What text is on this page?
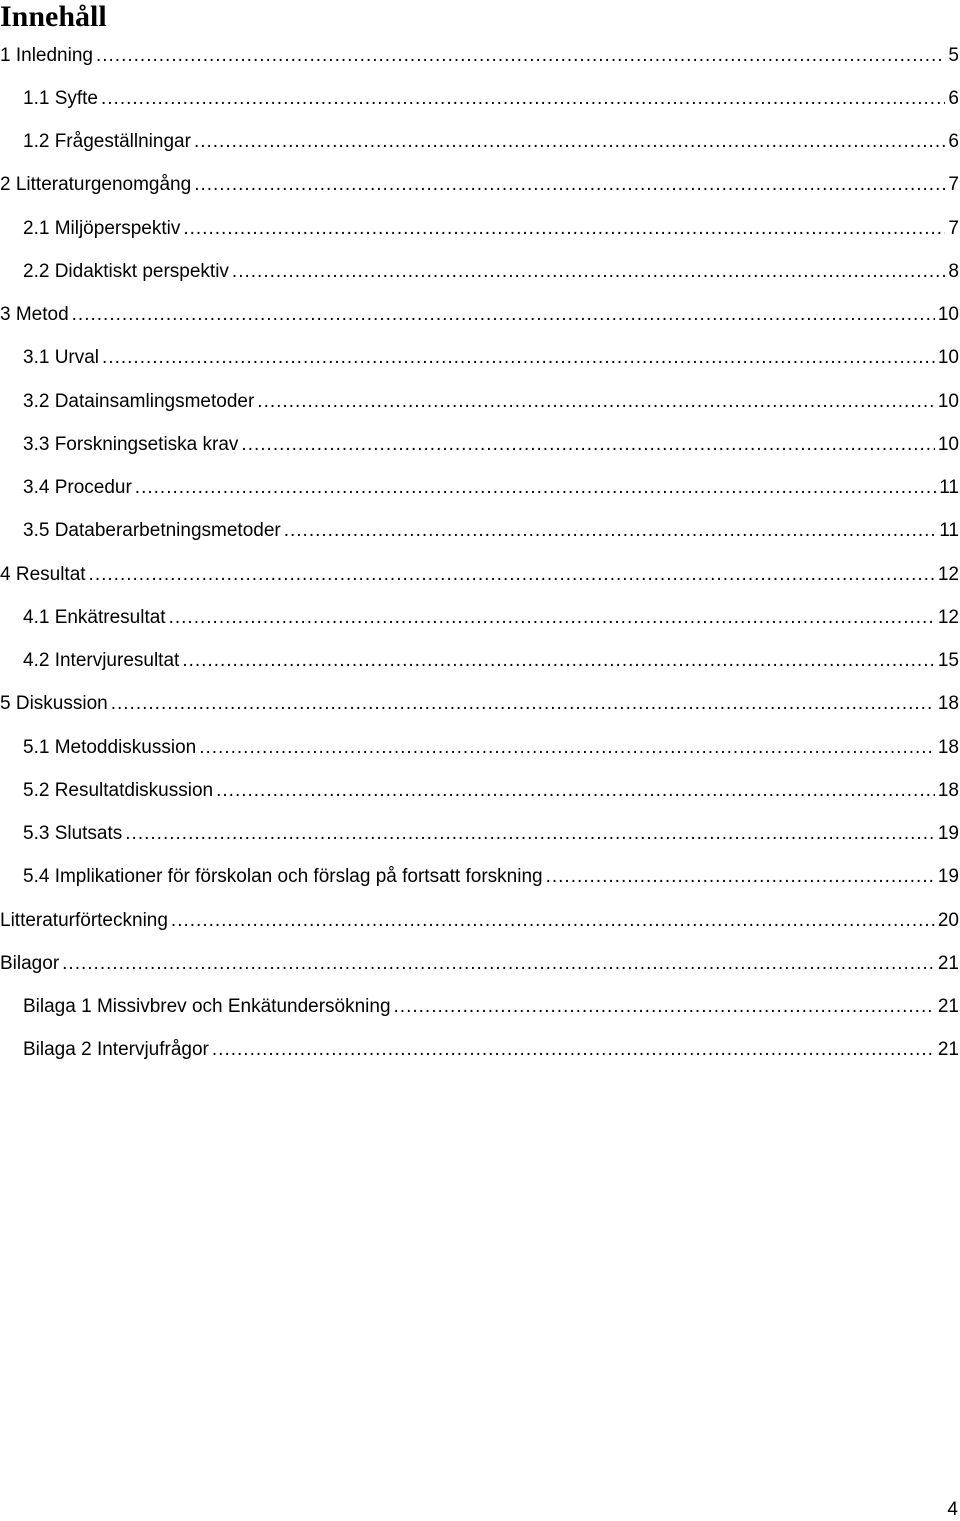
Innehåll
1 Inledning .....	5
1.1 Syfte .....	6
1.2 Frågeställningar .....	6
2 Litteraturgenomgång .....	7
2.1 Miljöperspektiv .....	7
2.2 Didaktiskt perspektiv .....	8
3 Metod .....	10
3.1 Urval .....	10
3.2 Datainsamlingsmetoder .....	10
3.3 Forskningsetiska krav .....	10
3.4 Procedur .....	11
3.5 Databerarbetningsmetoder .....	11
4 Resultat .....	12
4.1 Enkätresultat .....	12
4.2 Intervjuresultat .....	15
5 Diskussion .....	18
5.1 Metoddiskussion .....	18
5.2 Resultatdiskussion .....	18
5.3 Slutsats .....	19
5.4 Implikationer för förskolan och förslag på fortsatt forskning .....	19
Litteraturförteckning .....	20
Bilagor .....	21
Bilaga 1 Missivbrev och Enkätundersökning .....	21
Bilaga 2 Intervjufrågor .....	21
4
